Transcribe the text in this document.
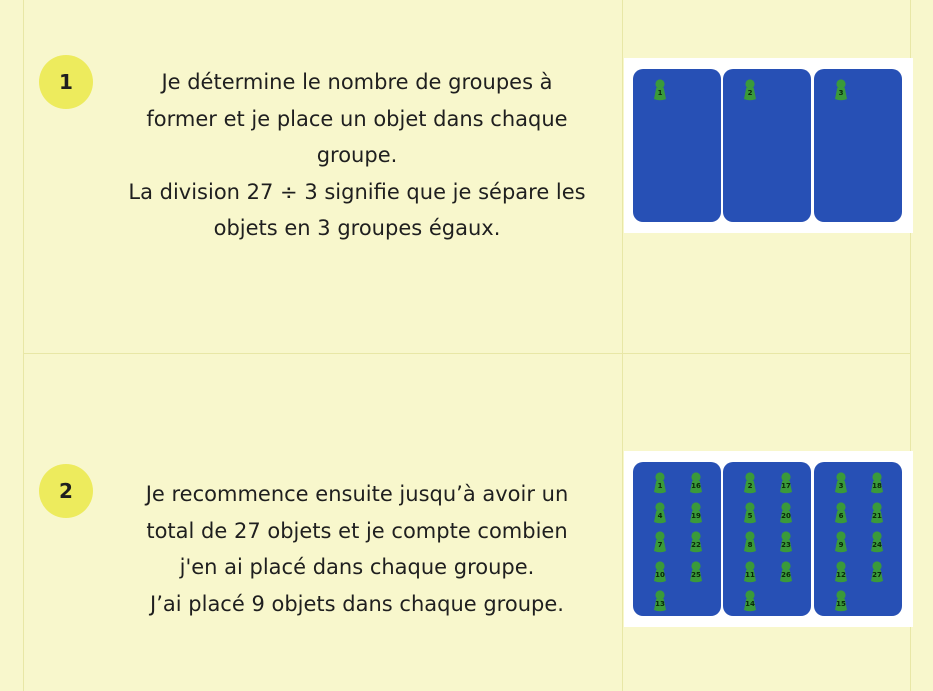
1	Je détermine le nombre de groupes à

former et je place un objet dans chaque

groupe.

La division 27 ÷ 3 signifie que je sépare les

objets en 3 groupes égaux.

1	2	3
2	Je recommence ensuite jusqu’à avoir un

total de 27 objets et je compte combien

j'en ai placé dans chaque groupe.

J’ai placé 9 objets dans chaque groupe.

1	16
4	19
7	22
10	25
13
2	17
5	20
8	23
11	26
14
3	18
6	21
9	24
12	27
15
